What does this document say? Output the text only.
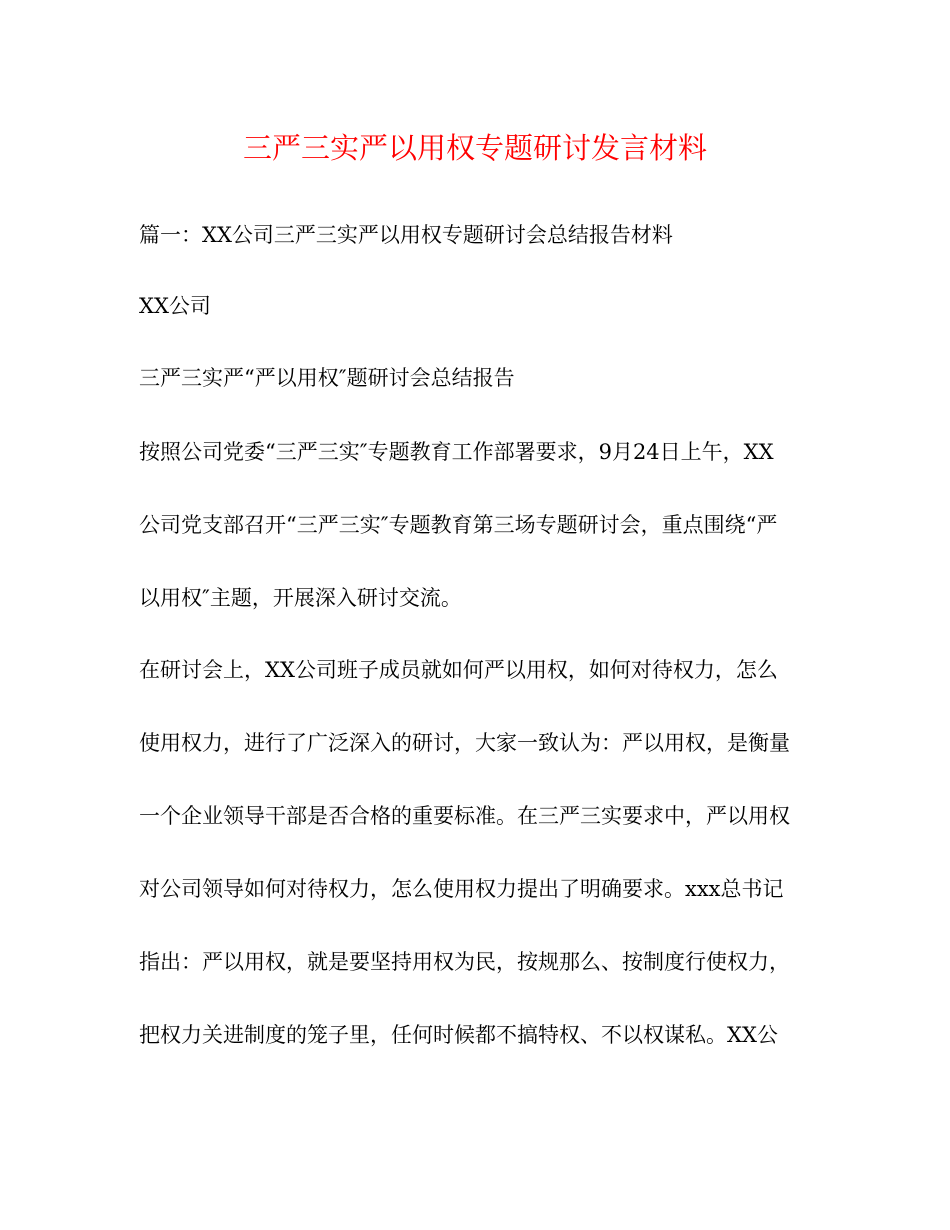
三严三实严以用权专题研讨发言材料
篇一：XX公司三严三实严以用权专题研讨会总结报告材料
XX公司
三严三实严“严以用权″题研讨会总结报告
按照公司党委“三严三实″专题教育工作部署要求，9月24日上午，XX
公司党支部召开“三严三实″专题教育第三场专题研讨会，重点围绕“严
以用权″主题，开展深入研讨交流。
在研讨会上，XX公司班子成员就如何严以用权，如何对待权力，怎么
使用权力，进行了广泛深入的研讨，大家一致认为：严以用权，是衡量
一个企业领导干部是否合格的重要标准。在三严三实要求中，严以用权
对公司领导如何对待权力，怎么使用权力提出了明确要求。xxx总书记
指出：严以用权，就是要坚持用权为民，按规那么、按制度行使权力，
把权力关进制度的笼子里，任何时候都不搞特权、不以权谋私。XX公
